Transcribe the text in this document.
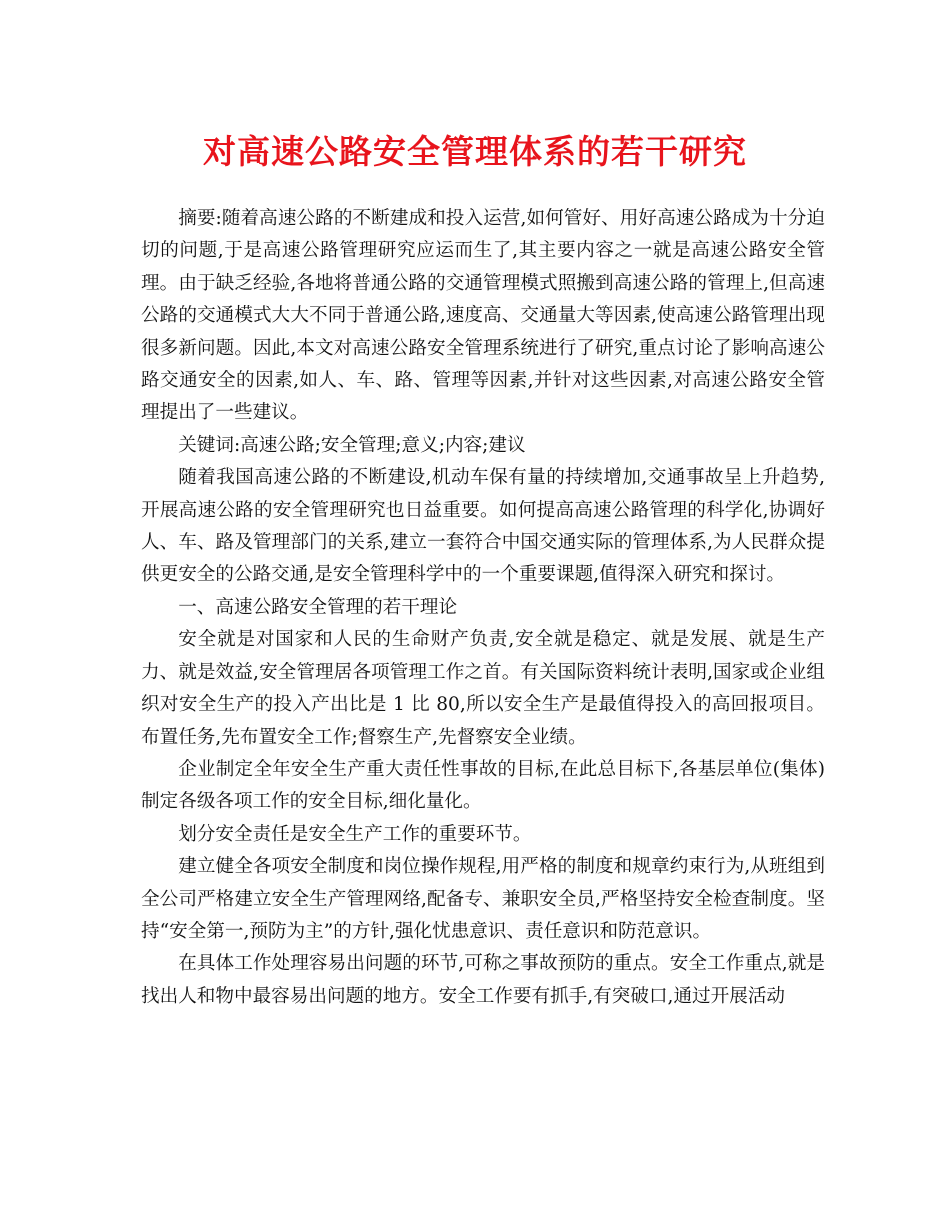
对高速公路安全管理体系的若干研究

摘要:随着高速公路的不断建成和投入运营,如何管好、用好高速公路成为十分迫切的问题,于是高速公路管理研究应运而生了,其主要内容之一就是高速公路安全管理。由于缺乏经验,各地将普通公路的交通管理模式照搬到高速公路的管理上,但高速公路的交通模式大大不同于普通公路,速度高、交通量大等因素,使高速公路管理出现很多新问题。因此,本文对高速公路安全管理系统进行了研究,重点讨论了影响高速公路交通安全的因素,如人、车、路、管理等因素,并针对这些因素,对高速公路安全管理提出了一些建议。

关键词:高速公路;安全管理;意义;内容;建议

随着我国高速公路的不断建设,机动车保有量的持续增加,交通事故呈上升趋势,开展高速公路的安全管理研究也日益重要。如何提高高速公路管理的科学化,协调好人、车、路及管理部门的关系,建立一套符合中国交通实际的管理体系,为人民群众提供更安全的公路交通,是安全管理科学中的一个重要课题,值得深入研究和探讨。

一、高速公路安全管理的若干理论

安全就是对国家和人民的生命财产负责,安全就是稳定、就是发展、就是生产力、就是效益,安全管理居各项管理工作之首。有关国际资料统计表明,国家或企业组织对安全生产的投入产出比是 1 比 80,所以安全生产是最值得投入的高回报项目。布置任务,先布置安全工作;督察生产,先督察安全业绩。

企业制定全年安全生产重大责任性事故的目标,在此总目标下,各基层单位(集体)制定各级各项工作的安全目标,细化量化。

划分安全责任是安全生产工作的重要环节。

建立健全各项安全制度和岗位操作规程,用严格的制度和规章约束行为,从班组到全公司严格建立安全生产管理网络,配备专、兼职安全员,严格坚持安全检查制度。坚持“安全第一,预防为主”的方针,强化忧患意识、责任意识和防范意识。

在具体工作处理容易出问题的环节,可称之事故预防的重点。安全工作重点,就是找出人和物中最容易出问题的地方。安全工作要有抓手,有突破口,通过开展活动
